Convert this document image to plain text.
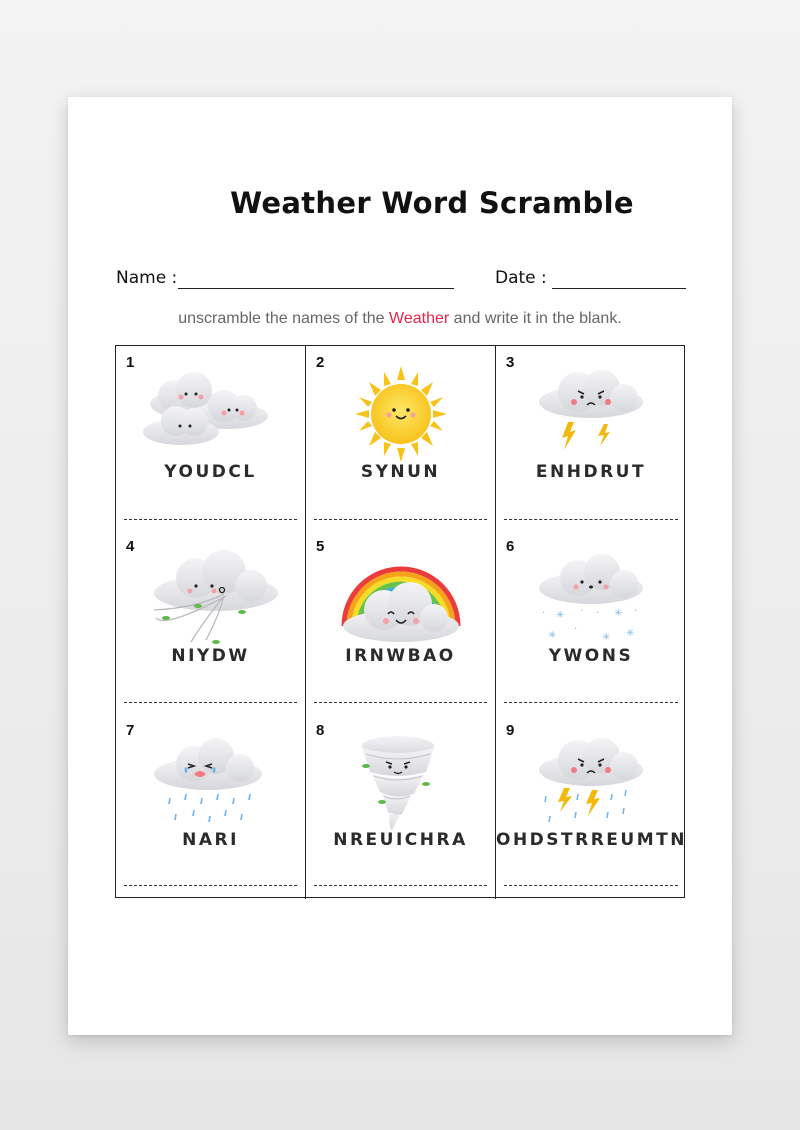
Weather Word Scramble
Name :	Date :
unscramble the names of the Weather and write it in the blank.
1
YOUDCL
2
SYNUN
3
ENHDRUT
4
NIYDW
5
IRNWBAO
6
· ✳ · · ✳ ·
✳
·
✳ ✳
YWONS
7
NARI
8
NREUICHRA
9
OHDSTRREUMTN
